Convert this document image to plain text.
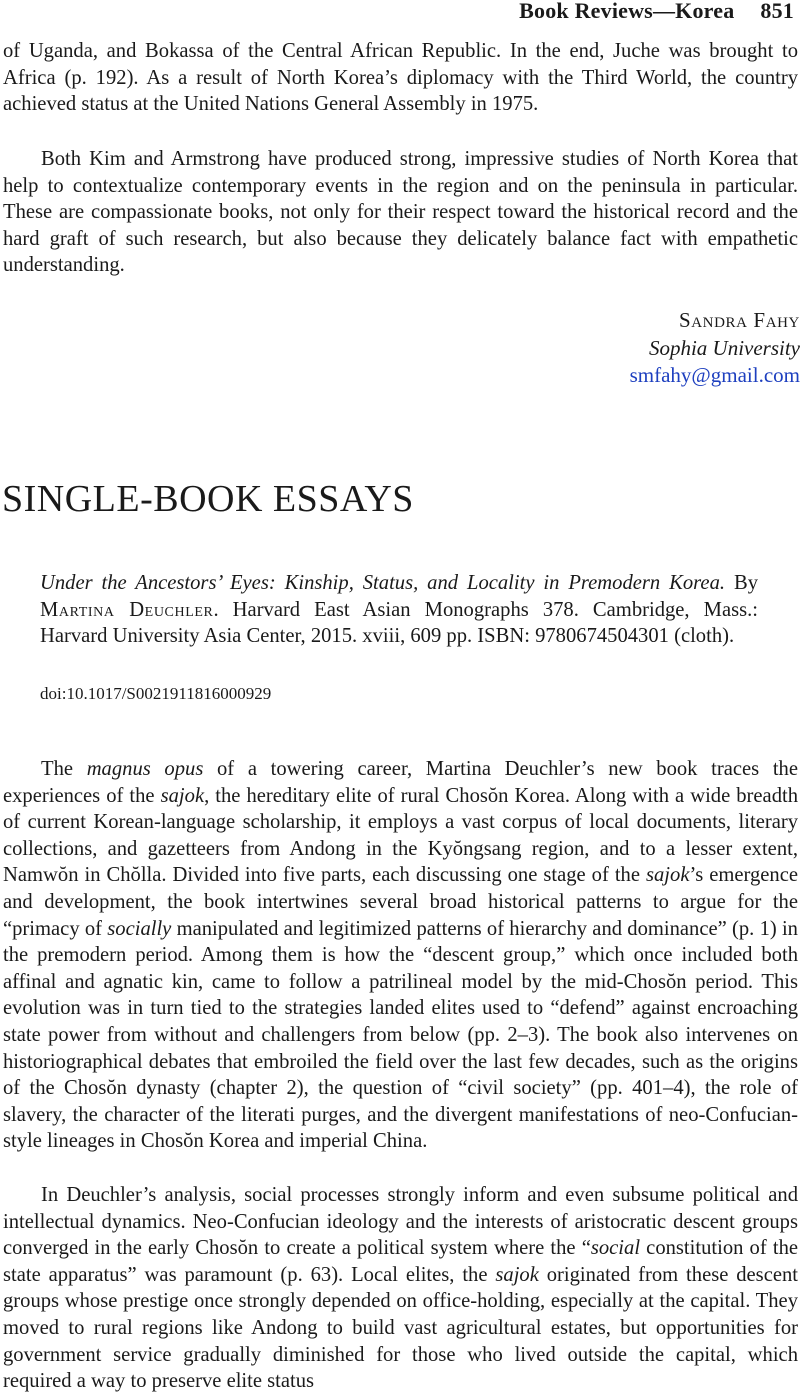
Book Reviews—Korea 851

of Uganda, and Bokassa of the Central African Republic. In the end, Juche was brought to Africa (p. 192). As a result of North Korea’s diplomacy with the Third World, the country achieved status at the United Nations General Assembly in 1975.

Both Kim and Armstrong have produced strong, impressive studies of North Korea that help to contextualize contemporary events in the region and on the peninsula in particular. These are compassionate books, not only for their respect toward the historical record and the hard graft of such research, but also because they delicately balance fact with empathetic understanding.

Sandra Fahy
Sophia University
smfahy@gmail.com
SINGLE-BOOK ESSAYS

Under the Ancestors’ Eyes: Kinship, Status, and Locality in Premodern Korea. By Martina Deuchler. Harvard East Asian Monographs 378. Cambridge, Mass.: Harvard University Asia Center, 2015. xviii, 609 pp. ISBN: 9780674504301 (cloth).

doi:10.1017/S0021911816000929

The magnus opus of a towering career, Martina Deuchler’s new book traces the experiences of the sajok, the hereditary elite of rural Chosŏn Korea. Along with a wide breadth of current Korean-language scholarship, it employs a vast corpus of local documents, literary collections, and gazetteers from Andong in the Kyŏngsang region, and to a lesser extent, Namwŏn in Chŏlla. Divided into five parts, each discussing one stage of the sajok’s emergence and development, the book intertwines several broad historical patterns to argue for the “primacy of socially manipulated and legitimized patterns of hierarchy and dominance” (p. 1) in the premodern period. Among them is how the “descent group,” which once included both affinal and agnatic kin, came to follow a patrilineal model by the mid-Chosŏn period. This evolution was in turn tied to the strategies landed elites used to “defend” against encroaching state power from without and challengers from below (pp. 2–3). The book also intervenes on historiographical debates that embroiled the field over the last few decades, such as the origins of the Chosŏn dynasty (chapter 2), the question of “civil society” (pp. 401–4), the role of slavery, the character of the literati purges, and the divergent manifestations of neo-Confucian-style lineages in Chosŏn Korea and imperial China.

In Deuchler’s analysis, social processes strongly inform and even subsume political and intellectual dynamics. Neo-Confucian ideology and the interests of aristocratic descent groups converged in the early Chosŏn to create a political system where the “social constitution of the state apparatus” was paramount (p. 63). Local elites, the sajok originated from these descent groups whose prestige once strongly depended on office-holding, especially at the capital. They moved to rural regions like Andong to build vast agricultural estates, but opportunities for government service gradually diminished for those who lived outside the capital, which required a way to preserve elite status
